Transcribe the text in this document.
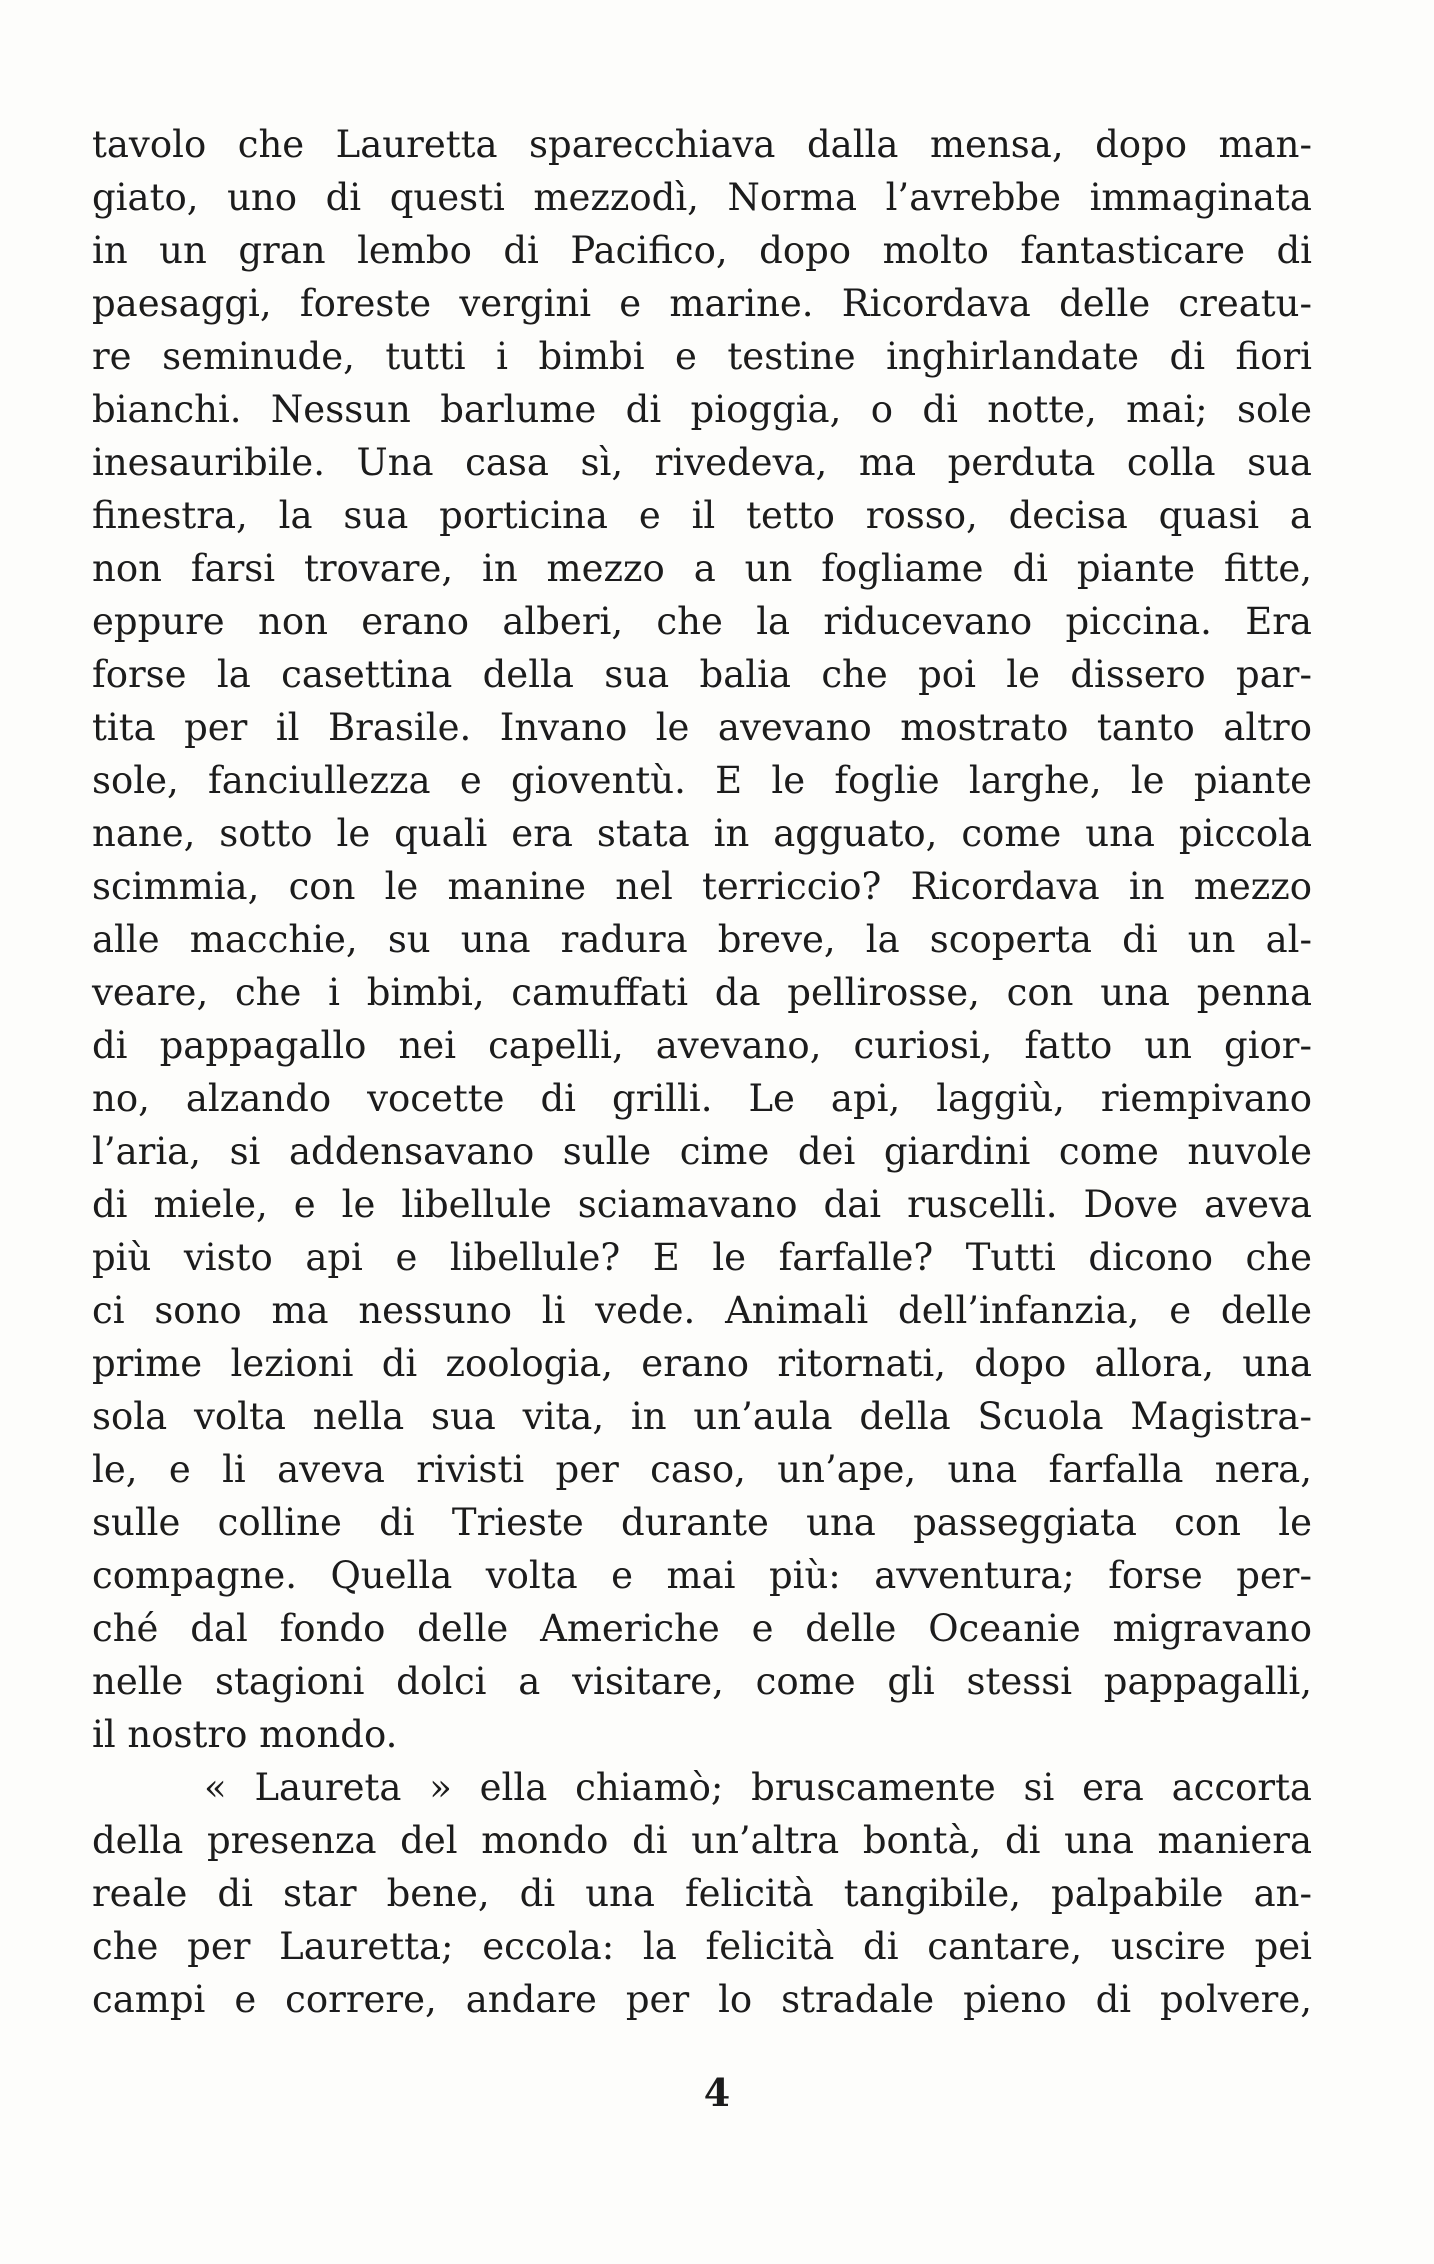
tavolo che Lauretta sparecchiava dalla mensa, dopo man-
giato, uno di questi mezzodì, Norma l’avrebbe immaginata
in un gran lembo di Pacifico, dopo molto fantasticare di
paesaggi, foreste vergini e marine. Ricordava delle creatu-
re seminude, tutti i bimbi e testine inghirlandate di fiori
bianchi. Nessun barlume di pioggia, o di notte, mai; sole
inesauribile. Una casa sì, rivedeva, ma perduta colla sua
finestra, la sua porticina e il tetto rosso, decisa quasi a
non farsi trovare, in mezzo a un fogliame di piante fitte,
eppure non erano alberi, che la riducevano piccina. Era
forse la casettina della sua balia che poi le dissero par-
tita per il Brasile. Invano le avevano mostrato tanto altro
sole, fanciullezza e gioventù. E le foglie larghe, le piante
nane, sotto le quali era stata in agguato, come una piccola
scimmia, con le manine nel terriccio? Ricordava in mezzo
alle macchie, su una radura breve, la scoperta di un al-
veare, che i bimbi, camuffati da pellirosse, con una penna
di pappagallo nei capelli, avevano, curiosi, fatto un gior-
no, alzando vocette di grilli. Le api, laggiù, riempivano
l’aria, si addensavano sulle cime dei giardini come nuvole
di miele, e le libellule sciamavano dai ruscelli. Dove aveva
più visto api e libellule? E le farfalle? Tutti dicono che
ci sono ma nessuno li vede. Animali dell’infanzia, e delle
prime lezioni di zoologia, erano ritornati, dopo allora, una
sola volta nella sua vita, in un’aula della Scuola Magistra-
le, e li aveva rivisti per caso, un’ape, una farfalla nera,
sulle colline di Trieste durante una passeggiata con le
compagne. Quella volta e mai più: avventura; forse per-
ché dal fondo delle Americhe e delle Oceanie migravano
nelle stagioni dolci a visitare, come gli stessi pappagalli,
il nostro mondo.
« Laureta » ella chiamò; bruscamente si era accorta
della presenza del mondo di un’altra bontà, di una maniera
reale di star bene, di una felicità tangibile, palpabile an-
che per Lauretta; eccola: la felicità di cantare, uscire pei
campi e correre, andare per lo stradale pieno di polvere,
4
